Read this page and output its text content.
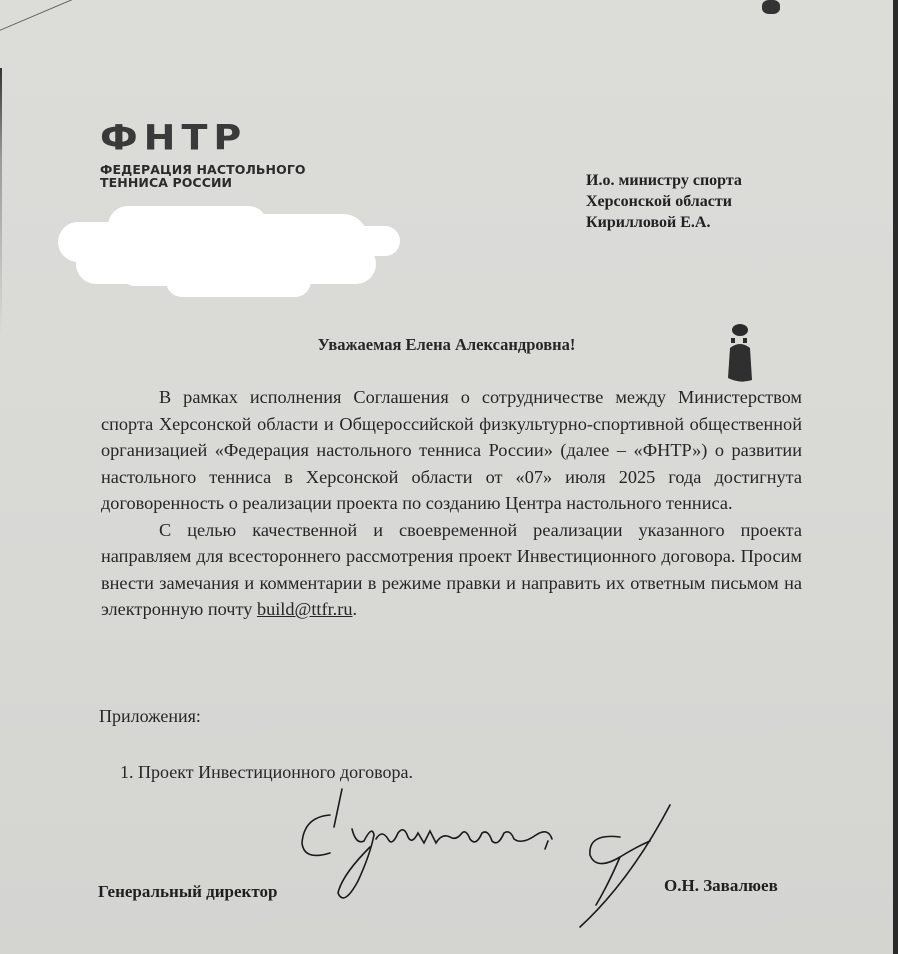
ФНТР
ФЕДЕРАЦИЯ НАСТОЛЬНОГО
ТЕННИСА РОССИИ	И.о. министру спорта
Херсонской области
Кирилловой Е.А.
Уважаемая Елена Александровна!

В рамках исполнения Соглашения о сотрудничестве между Министерством спорта Херсонской области и Общероссийской физкультурно-спортивной общественной организацией «Федерация настольного тенниса России» (далее – «ФНТР») о развитии настольного тенниса в Херсонской области от «07» июля 2025 года достигнута договоренность о реализации проекта по созданию Центра настольного тенниса.

С целью качественной и своевременной реализации указанного проекта направляем для всестороннего рассмотрения проект Инвестиционного договора. Просим внести замечания и комментарии в режиме правки и направить их ответным письмом на электронную почту build@ttfr.ru.

Приложения:
1. Проект Инвестиционного договора.
Генеральный директор	О.Н. Завалюев
